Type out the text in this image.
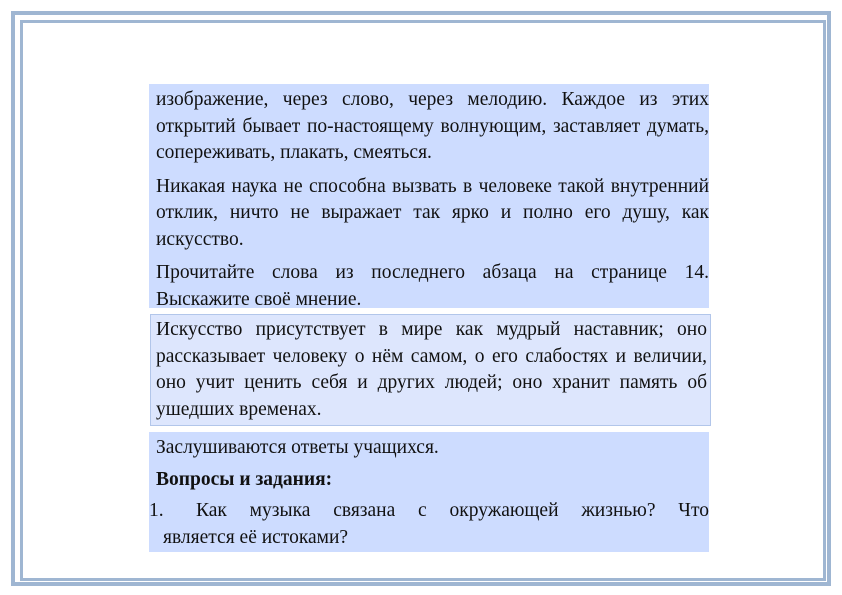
изображение, через слово, через мелодию. Каждое из этих открытий бывает по-настоящему волнующим, заставляет думать, сопереживать, плакать, смеяться.

Никакая наука не способна вызвать в человеке такой внутренний отклик, ничто не выражает так ярко и полно его душу, как искусство.

Прочитайте слова из последнего абзаца на странице 14. Выскажите своё мнение.

Искусство присутствует в мире как мудрый наставник; оно рассказывает человеку о нём самом, о его слабостях и величии, оно учит ценить себя и других людей; оно хранит память об ушедших временах.

Заслушиваются ответы учащихся.

Вопросы и задания:

1.	Как музыка связана с окружающей жизнью? Что
является её истоками?
